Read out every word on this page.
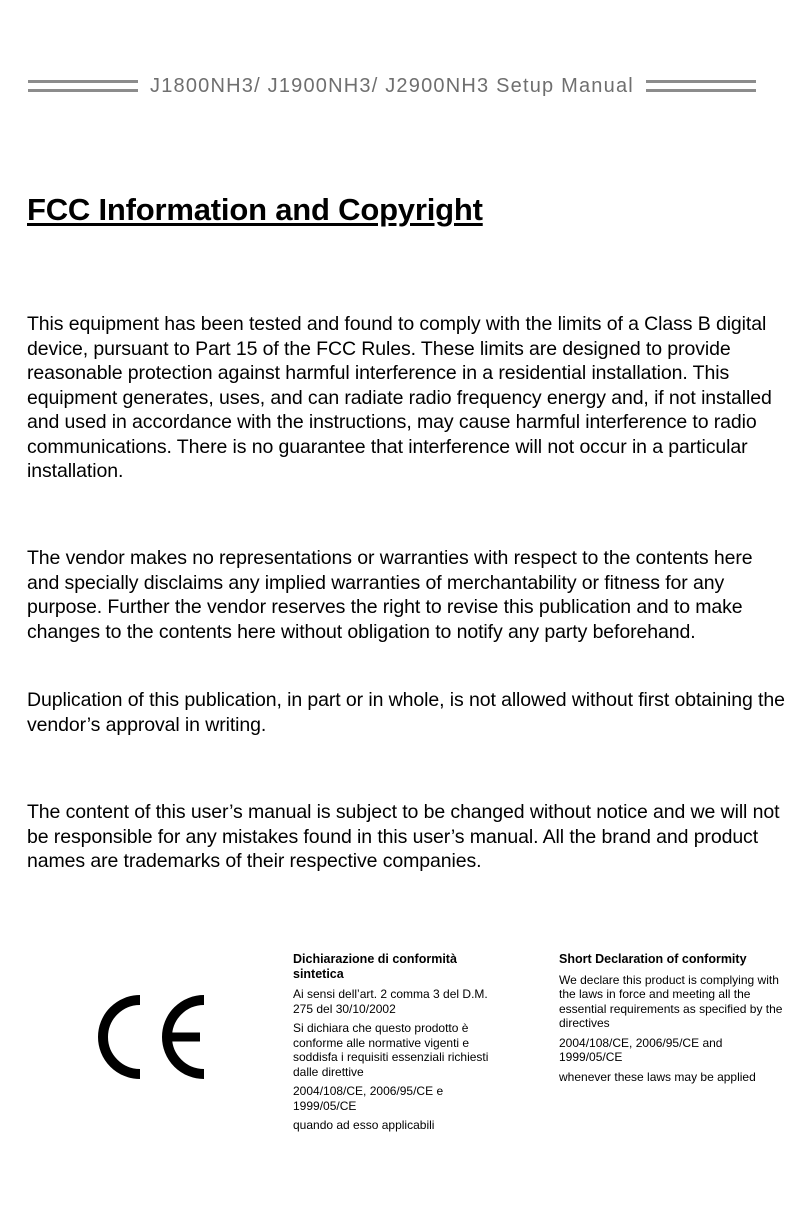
J1800NH3/ J1900NH3/ J2900NH3 Setup Manual
FCC Information and Copyright

This equipment has been tested and found to comply with the limits of a Class B digital device, pursuant to Part 15 of the FCC Rules. These limits are designed to provide reasonable protection against harmful interference in a residential installation. This equipment generates, uses, and can radiate radio frequency energy and, if not installed and used in accordance with the instructions, may cause harmful interference to radio communications. There is no guarantee that interference will not occur in a particular installation.

The vendor makes no representations or warranties with respect to the contents here and specially disclaims any implied warranties of merchantability or fitness for any purpose. Further the vendor reserves the right to revise this publication and to make changes to the contents here without obligation to notify any party beforehand.

Duplication of this publication, in part or in whole, is not allowed without first obtaining the vendor’s approval in writing.

The content of this user’s manual is subject to be changed without notice and we will not be responsible for any mistakes found in this user’s manual. All the brand and product names are trademarks of their respective companies.

Dichiarazione di conformità sintetica

Ai sensi dell’art. 2 comma 3 del D.M. 275 del 30/10/2002

Si dichiara che questo prodotto è conforme alle normative vigenti e soddisfa i requisiti essenziali richiesti dalle direttive

2004/108/CE, 2006/95/CE e 1999/05/CE

quando ad esso applicabili

Short Declaration of conformity

We declare this product is complying with the laws in force and meeting all the essential requirements as specified by the directives

2004/108/CE, 2006/95/CE and 1999/05/CE

whenever these laws may be applied
